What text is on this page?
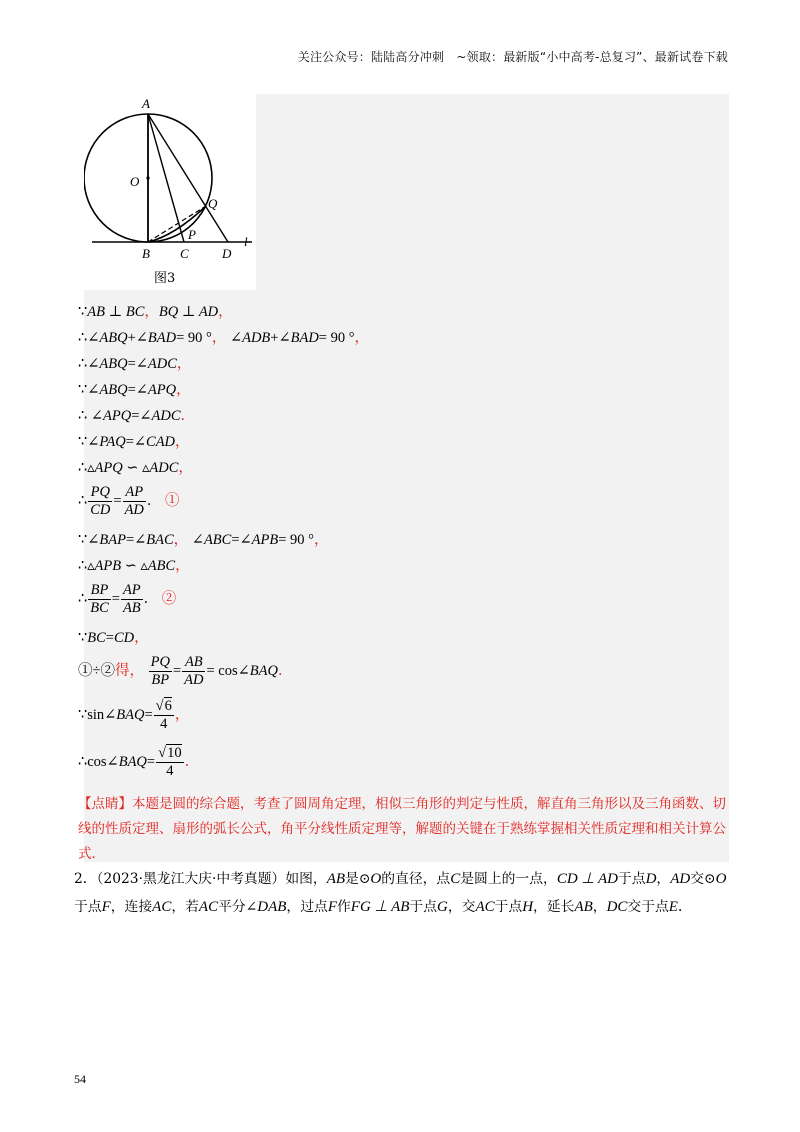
关注公众号：陆陆高分冲刺　~领取：最新版“小中高考-总复习”、最新试卷下载
A
O
Q
P
B C	D
l
图3
∵AB ⊥ BC，BQ ⊥ AD，
∴∠ABQ+∠BAD= 90 °， ∠ADB+∠BAD= 90 °，
∴∠ABQ=∠ADC，
∵∠ABQ=∠APQ，
∴ ∠APQ=∠ADC．
∵∠PAQ=∠CAD，
∴▵APQ ∽ ▵ADC，
∴ $\frac{PQ}{CD} = \frac{AP}{AD}$ ． ①
∵∠BAP=∠BAC， ∠ABC=∠APB= 90 °，
∴▵APB ∽ ▵ABC，
∴ $\frac{BP}{BC} = \frac{AP}{AB}$ ． ②
∵BC=CD，
①÷②得， $\frac{PQ}{BP} = \frac{AB}{AD}$ = cos∠BAQ．
∵sin∠BAQ= $\frac{√6}{4}$ ，
∴cos∠BAQ= $\frac{√10}{4}$ ．
【点睛】本题是圆的综合题，考查了圆周角定理，相似三角形的判定与性质，解直角三角形以及三角函数、切线的性质定理、扇形的弧长公式，角平分线性质定理等，解题的关键在于熟练掌握相关性质定理和相关计算公式．
2．（2023·黑龙江大庆·中考真题）如图，AB是⊙O的直径，点C是圆上的一点，CD ⊥ AD于点D，AD交⊙O于点F，连接AC，若AC平分∠DAB，过点F作FG ⊥ AB于点G，交AC于点H，延长AB，DC交于点E．
54
